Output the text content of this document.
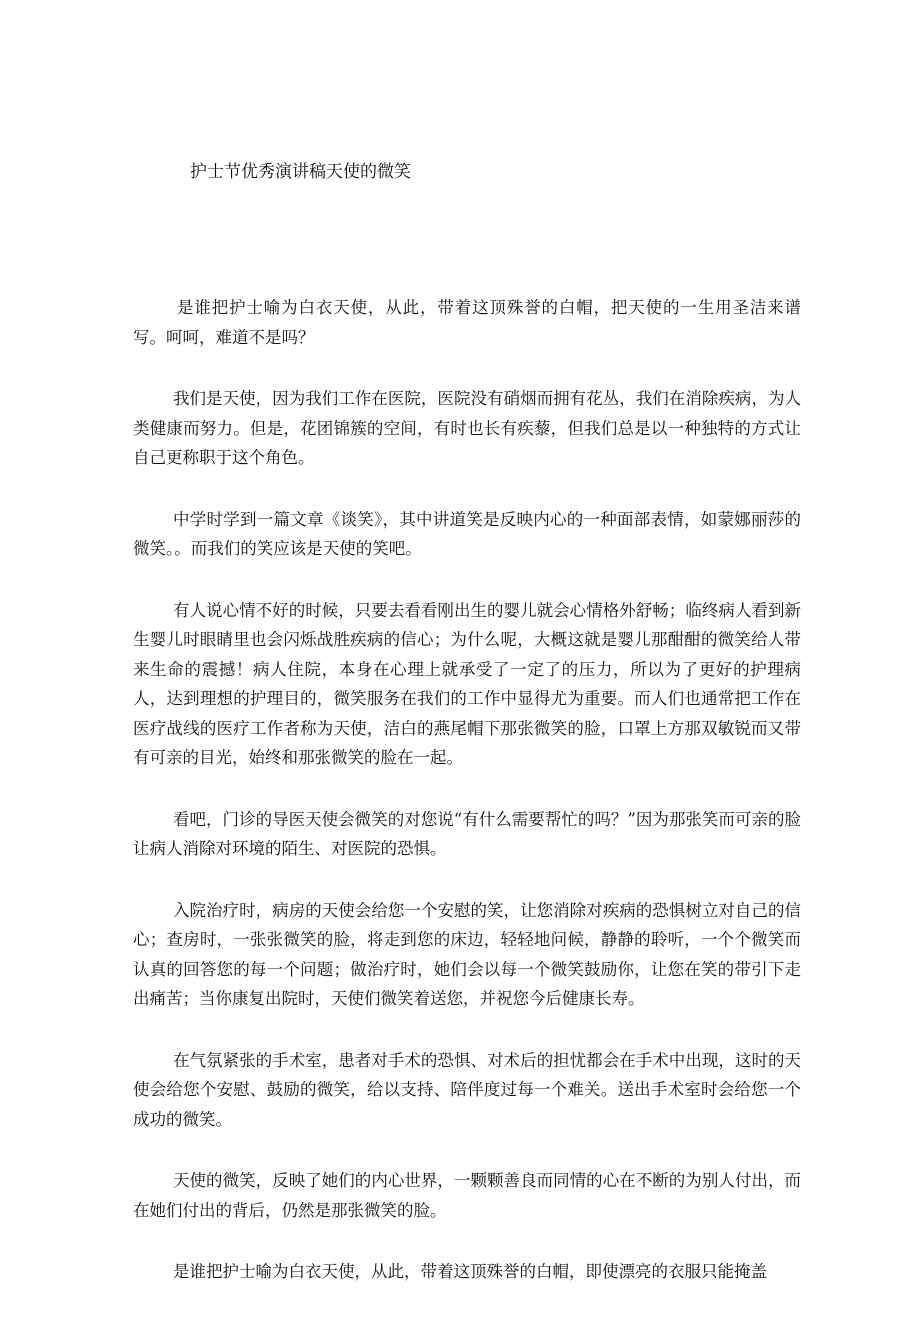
护士节优秀演讲稿天使的微笑

是谁把护士喻为白衣天使，从此，带着这顶殊誉的白帽，把天使的一生用圣洁来谱写。呵呵，难道不是吗？

我们是天使，因为我们工作在医院，医院没有硝烟而拥有花丛，我们在消除疾病，为人类健康而努力。但是，花团锦簇的空间，有时也长有疾藜，但我们总是以一种独特的方式让自己更称职于这个角色。

中学时学到一篇文章《谈笑》，其中讲道笑是反映内心的一种面部表情，如蒙娜丽莎的微笑。。而我们的笑应该是天使的笑吧。

有人说心情不好的时候，只要去看看刚出生的婴儿就会心情格外舒畅；临终病人看到新生婴儿时眼睛里也会闪烁战胜疾病的信心；为什么呢，大概这就是婴儿那酣酣的微笑给人带来生命的震撼！病人住院，本身在心理上就承受了一定了的压力，所以为了更好的护理病人，达到理想的护理目的，微笑服务在我们的工作中显得尤为重要。而人们也通常把工作在医疗战线的医疗工作者称为天使，洁白的燕尾帽下那张微笑的脸，口罩上方那双敏锐而又带有可亲的目光，始终和那张微笑的脸在一起。

看吧，门诊的导医天使会微笑的对您说“有什么需要帮忙的吗？”因为那张笑而可亲的脸让病人消除对环境的陌生、对医院的恐惧。

入院治疗时，病房的天使会给您一个安慰的笑，让您消除对疾病的恐惧树立对自己的信心；查房时，一张张微笑的脸，将走到您的床边，轻轻地问候，静静的聆听，一个个微笑而认真的回答您的每一个问题；做治疗时，她们会以每一个微笑鼓励你，让您在笑的带引下走出痛苦；当你康复出院时，天使们微笑着送您，并祝您今后健康长寿。

在气氛紧张的手术室，患者对手术的恐惧、对术后的担忧都会在手术中出现，这时的天使会给您个安慰、鼓励的微笑，给以支持、陪伴度过每一个难关。送出手术室时会给您一个成功的微笑。

天使的微笑，反映了她们的内心世界，一颗颗善良而同情的心在不断的为别人付出，而在她们付出的背后，仍然是那张微笑的脸。

是谁把护士喻为白衣天使，从此，带着这顶殊誉的白帽，即使漂亮的衣服只能掩盖
